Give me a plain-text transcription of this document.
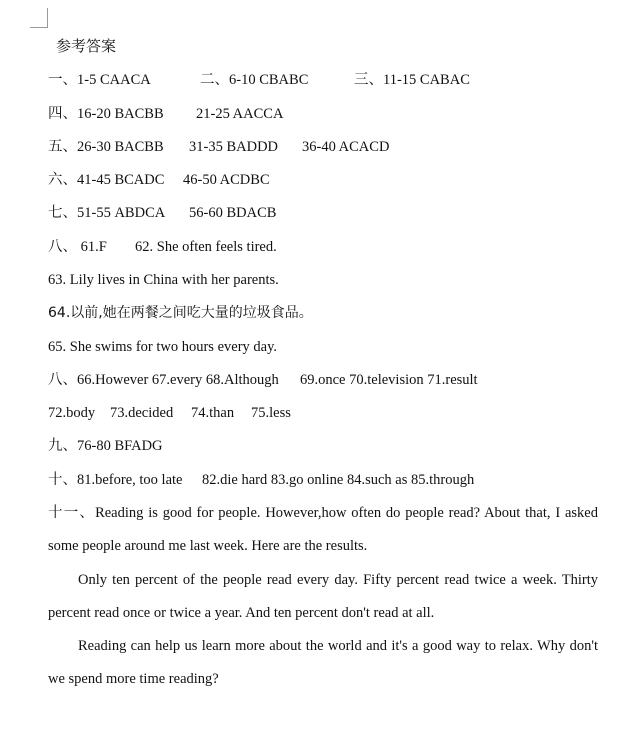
参考答案
一、1-5 CAACA	二、6-10 CBABC	三、11-15 CABAC
四、16-20 BACBB 21-25 AACCA
五、26-30 BACBB 31-35 BADDD 36-40 ACACD
六、41-45 BCADC 46-50 ACDBC
七、51-55 ABDCA 56-60 BDACB
八、 61.F 62. She often feels tired.
63. Lily lives in China with her parents.
64.以前,她在两餐之间吃大量的垃圾食品。
65. She swims for two hours every day.
八、66.However 67.every 68.Although 69.once 70.television 71.result
72.body 73.decided 74.than 75.less
九、76-80 BFADG
十、81.before, too late 82.die hard 83.go online 84.such as 85.through
十一、Reading is good for people. However,how often do people read? About that, I asked some people around me last week. Here are the results.
Only ten percent of the people read every day. Fifty percent read twice a week. Thirty percent read once or twice a year. And ten percent don't read at all.
Reading can help us learn more about the world and it's a good way to relax. Why don't we spend more time reading?
